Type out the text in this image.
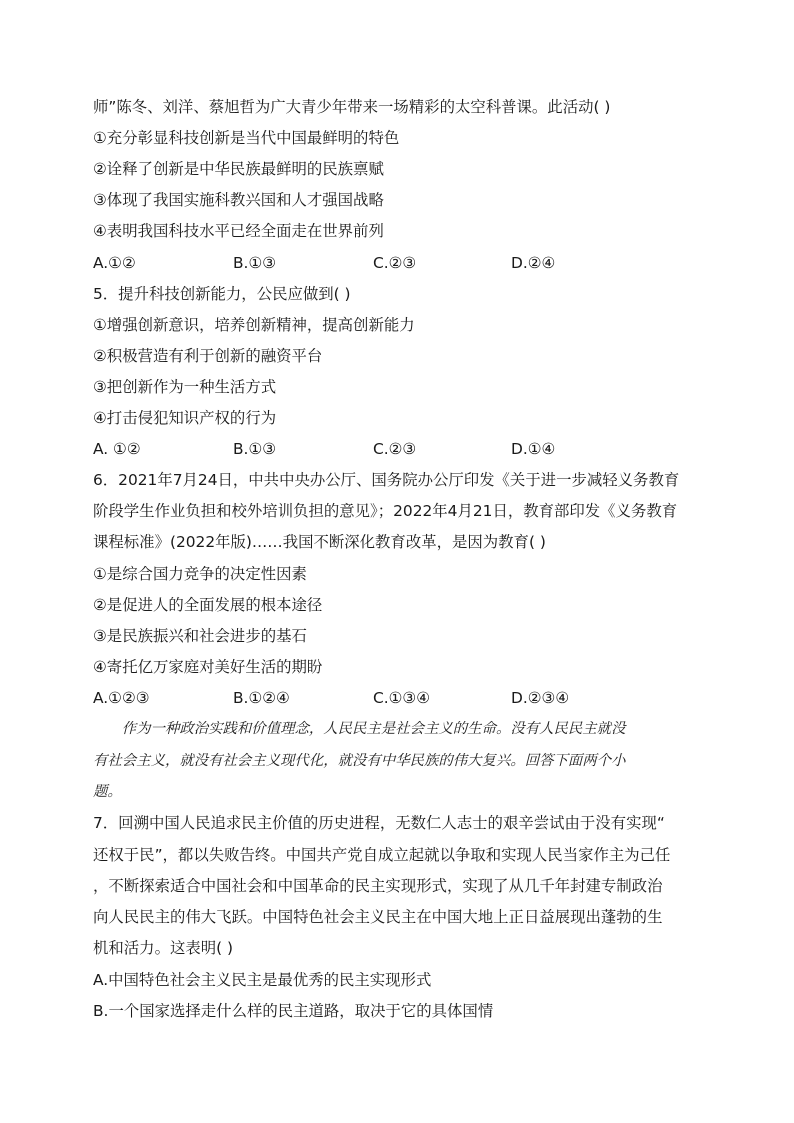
师”陈冬、刘洋、蔡旭哲为广大青少年带来一场精彩的太空科普课。此活动( )
①充分彰显科技创新是当代中国最鲜明的特色
②诠释了创新是中华民族最鲜明的民族禀赋
③体现了我国实施科教兴国和人才强国战略
④表明我国科技水平已经全面走在世界前列
A.①②	B.①③	C.②③	D.②④
5．提升科技创新能力，公民应做到( )
①增强创新意识，培养创新精神，提高创新能力
②积极营造有利于创新的融资平台
③把创新作为一种生活方式
④打击侵犯知识产权的行为
A. ①②	B.①③	C.②③	D.①④
6．2021年7月24日，中共中央办公厅、国务院办公厅印发《关于进一步减轻义务教育
阶段学生作业负担和校外培训负担的意见》；2022年4月21日，教育部印发《义务教育
课程标准》(2022年版)……我国不断深化教育改革，是因为教育( )
①是综合国力竞争的决定性因素
②是促进人的全面发展的根本途径
③是民族振兴和社会进步的基石
④寄托亿万家庭对美好生活的期盼
A.①②③	B.①②④	C.①③④	D.②③④
　　作为一种政治实践和价值理念，人民民主是社会主义的生命。没有人民民主就没
有社会主义，就没有社会主义现代化，就没有中华民族的伟大复兴。回答下面两个小
题。
7．回溯中国人民追求民主价值的历史进程，无数仁人志士的艰辛尝试由于没有实现“
还权于民”，都以失败告终。中国共产党自成立起就以争取和实现人民当家作主为己任
，不断探索适合中国社会和中国革命的民主实现形式，实现了从几千年封建专制政治
向人民民主的伟大飞跃。中国特色社会主义民主在中国大地上正日益展现出蓬勃的生
机和活力。这表明( )
A.中国特色社会主义民主是最优秀的民主实现形式
B.一个国家选择走什么样的民主道路，取决于它的具体国情
